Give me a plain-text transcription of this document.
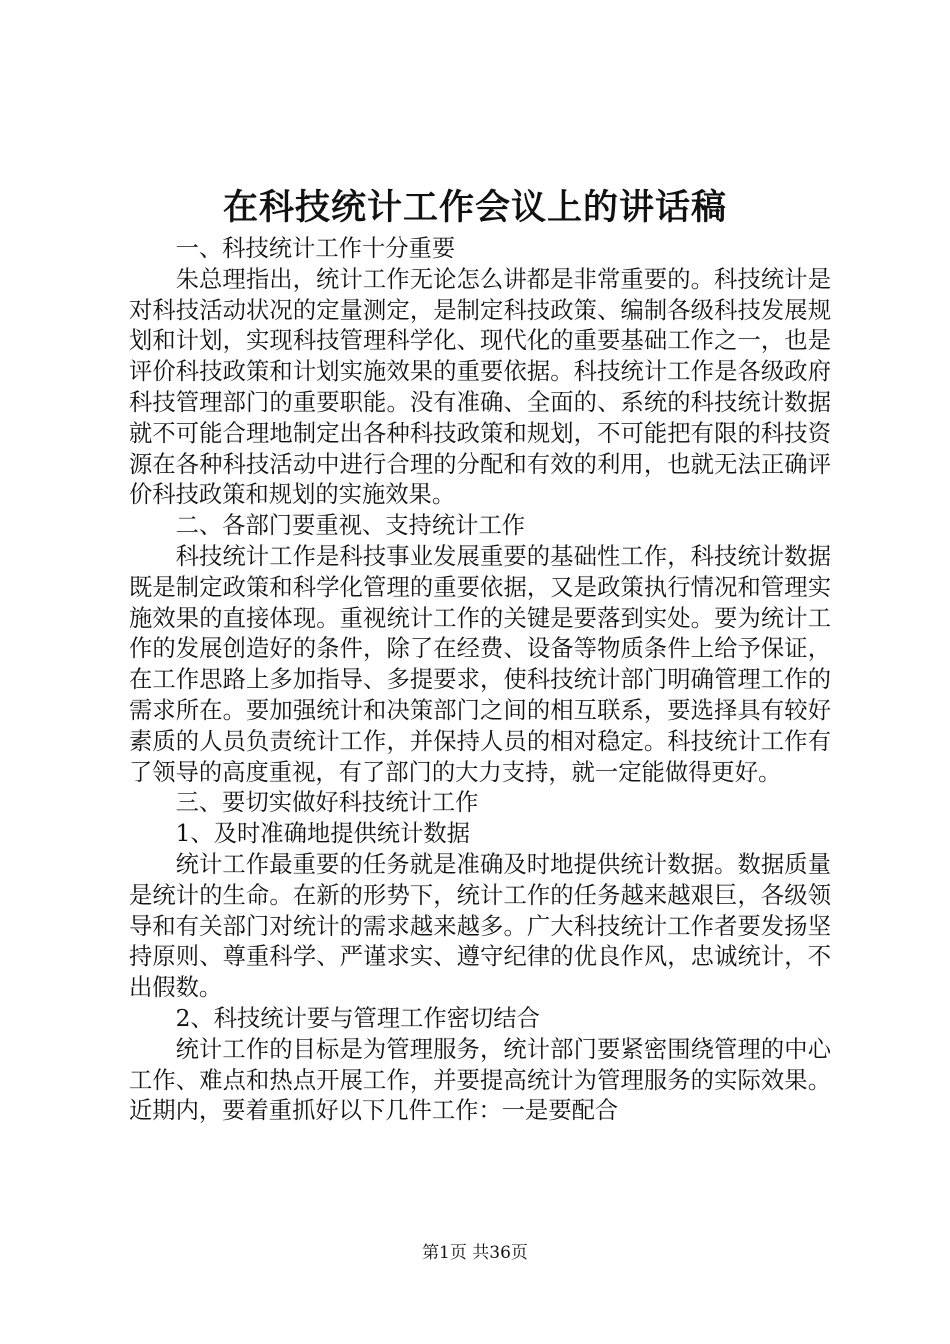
在科技统计工作会议上的讲话稿

一、科技统计工作十分重要

朱总理指出，统计工作无论怎么讲都是非常重要的。科技统计是对科技活动状况的定量测定，是制定科技政策、编制各级科技发展规划和计划，实现科技管理科学化、现代化的重要基础工作之一，也是评价科技政策和计划实施效果的重要依据。科技统计工作是各级政府科技管理部门的重要职能。没有准确、全面的、系统的科技统计数据就不可能合理地制定出各种科技政策和规划，不可能把有限的科技资源在各种科技活动中进行合理的分配和有效的利用，也就无法正确评价科技政策和规划的实施效果。

二、各部门要重视、支持统计工作

科技统计工作是科技事业发展重要的基础性工作，科技统计数据既是制定政策和科学化管理的重要依据，又是政策执行情况和管理实施效果的直接体现。重视统计工作的关键是要落到实处。要为统计工作的发展创造好的条件，除了在经费、设备等物质条件上给予保证，在工作思路上多加指导、多提要求，使科技统计部门明确管理工作的需求所在。要加强统计和决策部门之间的相互联系，要选择具有较好素质的人员负责统计工作，并保持人员的相对稳定。科技统计工作有了领导的高度重视，有了部门的大力支持，就一定能做得更好。

三、要切实做好科技统计工作

1、及时准确地提供统计数据

统计工作最重要的任务就是准确及时地提供统计数据。数据质量是统计的生命。在新的形势下，统计工作的任务越来越艰巨，各级领导和有关部门对统计的需求越来越多。广大科技统计工作者要发扬坚持原则、尊重科学、严谨求实、遵守纪律的优良作风，忠诚统计，不出假数。

2、科技统计要与管理工作密切结合

统计工作的目标是为管理服务，统计部门要紧密围绕管理的中心工作、难点和热点开展工作，并要提高统计为管理服务的实际效果。近期内，要着重抓好以下几件工作：一是要配合

第1页 共36页
